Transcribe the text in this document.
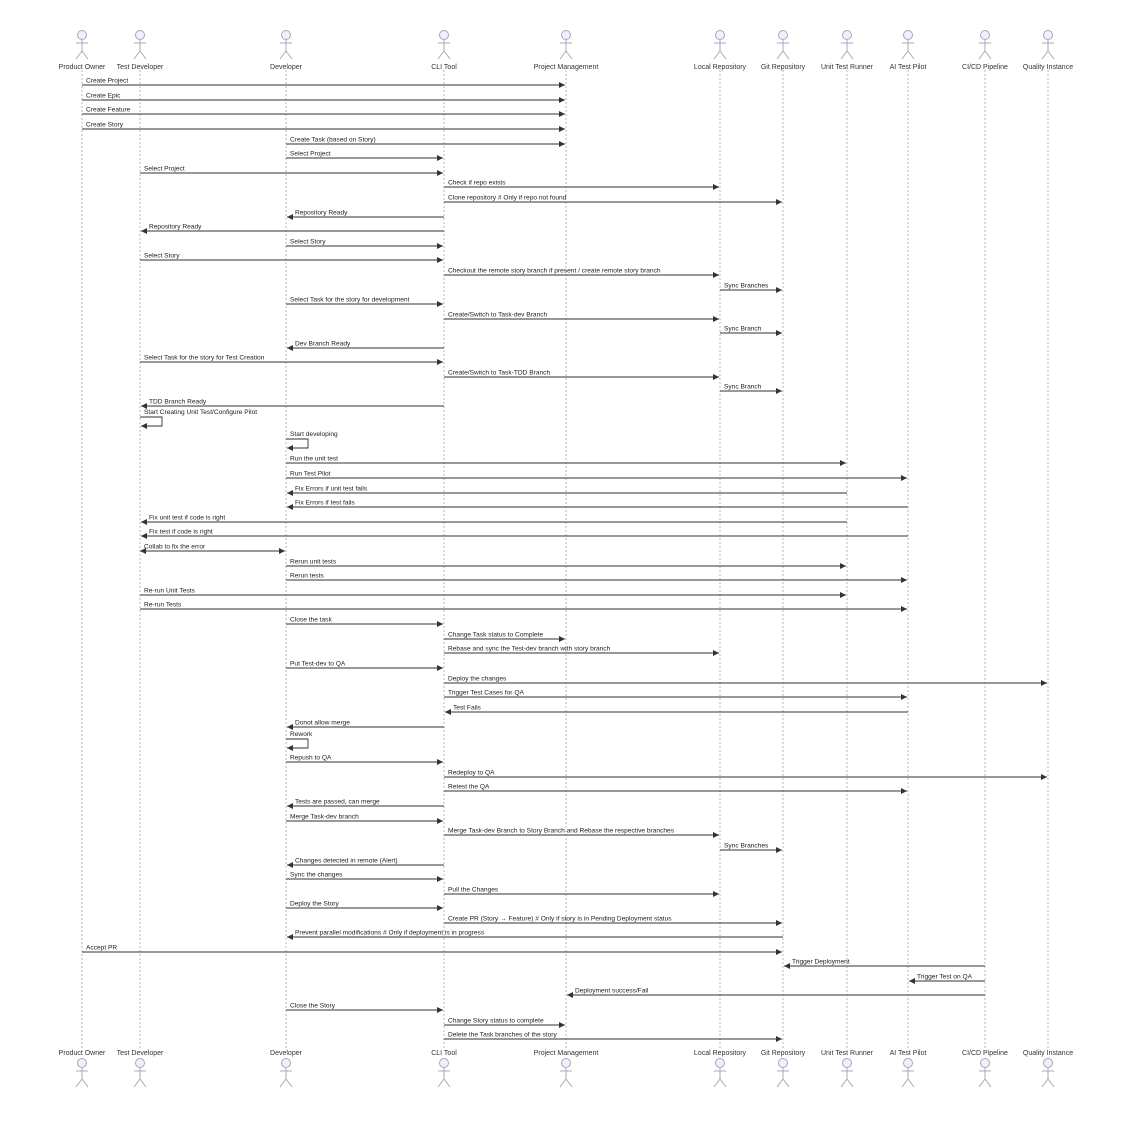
Product Owner Test Developer	Developer	CLI Tool	Project Management	Local Repository Git Repository Unit Test Runner AI Test Pilot	CI/CD Pipeline Quality Instance
Product Owner Test Developer	Developer	CLI Tool	Project Management	Local Repository Git Repository Unit Test Runner AI Test Pilot	CI/CD Pipeline Quality Instance
Create Project
Create Epic
Create Feature
Create Story
Create Task (based on Story)
Select Project
Select Project
Check if repo exists
Clone repository # Only if repo not found
Repository Ready
Repository Ready
Select Story
Select Story
Checkout the remote story branch if present / create remote story branch
Sync Branches
Select Task for the story for development
Create/Switch to Task-dev Branch
Sync Branch
Dev Branch Ready
Select Task for the story for Test Creation
Create/Switch to Task-TDD Branch
Sync Branch
TDD Branch Ready
Start Creating Unit Test/Configure Pilot
Start developing
Run the unit test
Run Test Pilot
Fix Errors if unit test fails
Fix Errors if test fails
Fix unit test if code is right
Fix test if code is right
Collab to fix the error
Rerun unit tests
Rerun tests
Re-run Unit Tests
Re-run Tests
Close the task
Change Task status to Complete
Rebase and sync the Test-dev branch with story branch
Put Test-dev to QA
Deploy the changes
Trigger Test Cases for QA
Test Fails
Donot allow merge
Rework
Repush to QA
Redeploy to QA
Retest the QA
Tests are passed, can merge
Merge Task-dev branch
Merge Task-dev Branch to Story Branch and Rebase the respective branches
Sync Branches
Changes detected in remote (Alert)
Sync the changes
Pull the Changes
Deploy the Story
Create PR (Story → Feature) # Only if story is in Pending Deployment status
Prevent parallel modifications # Only if deployment is in progress
Accept PR
Trigger Deployment
Trigger Test on QA
Deployment success/Fail
Close the Story
Change Story status to complete
Delete the Task branches of the story
